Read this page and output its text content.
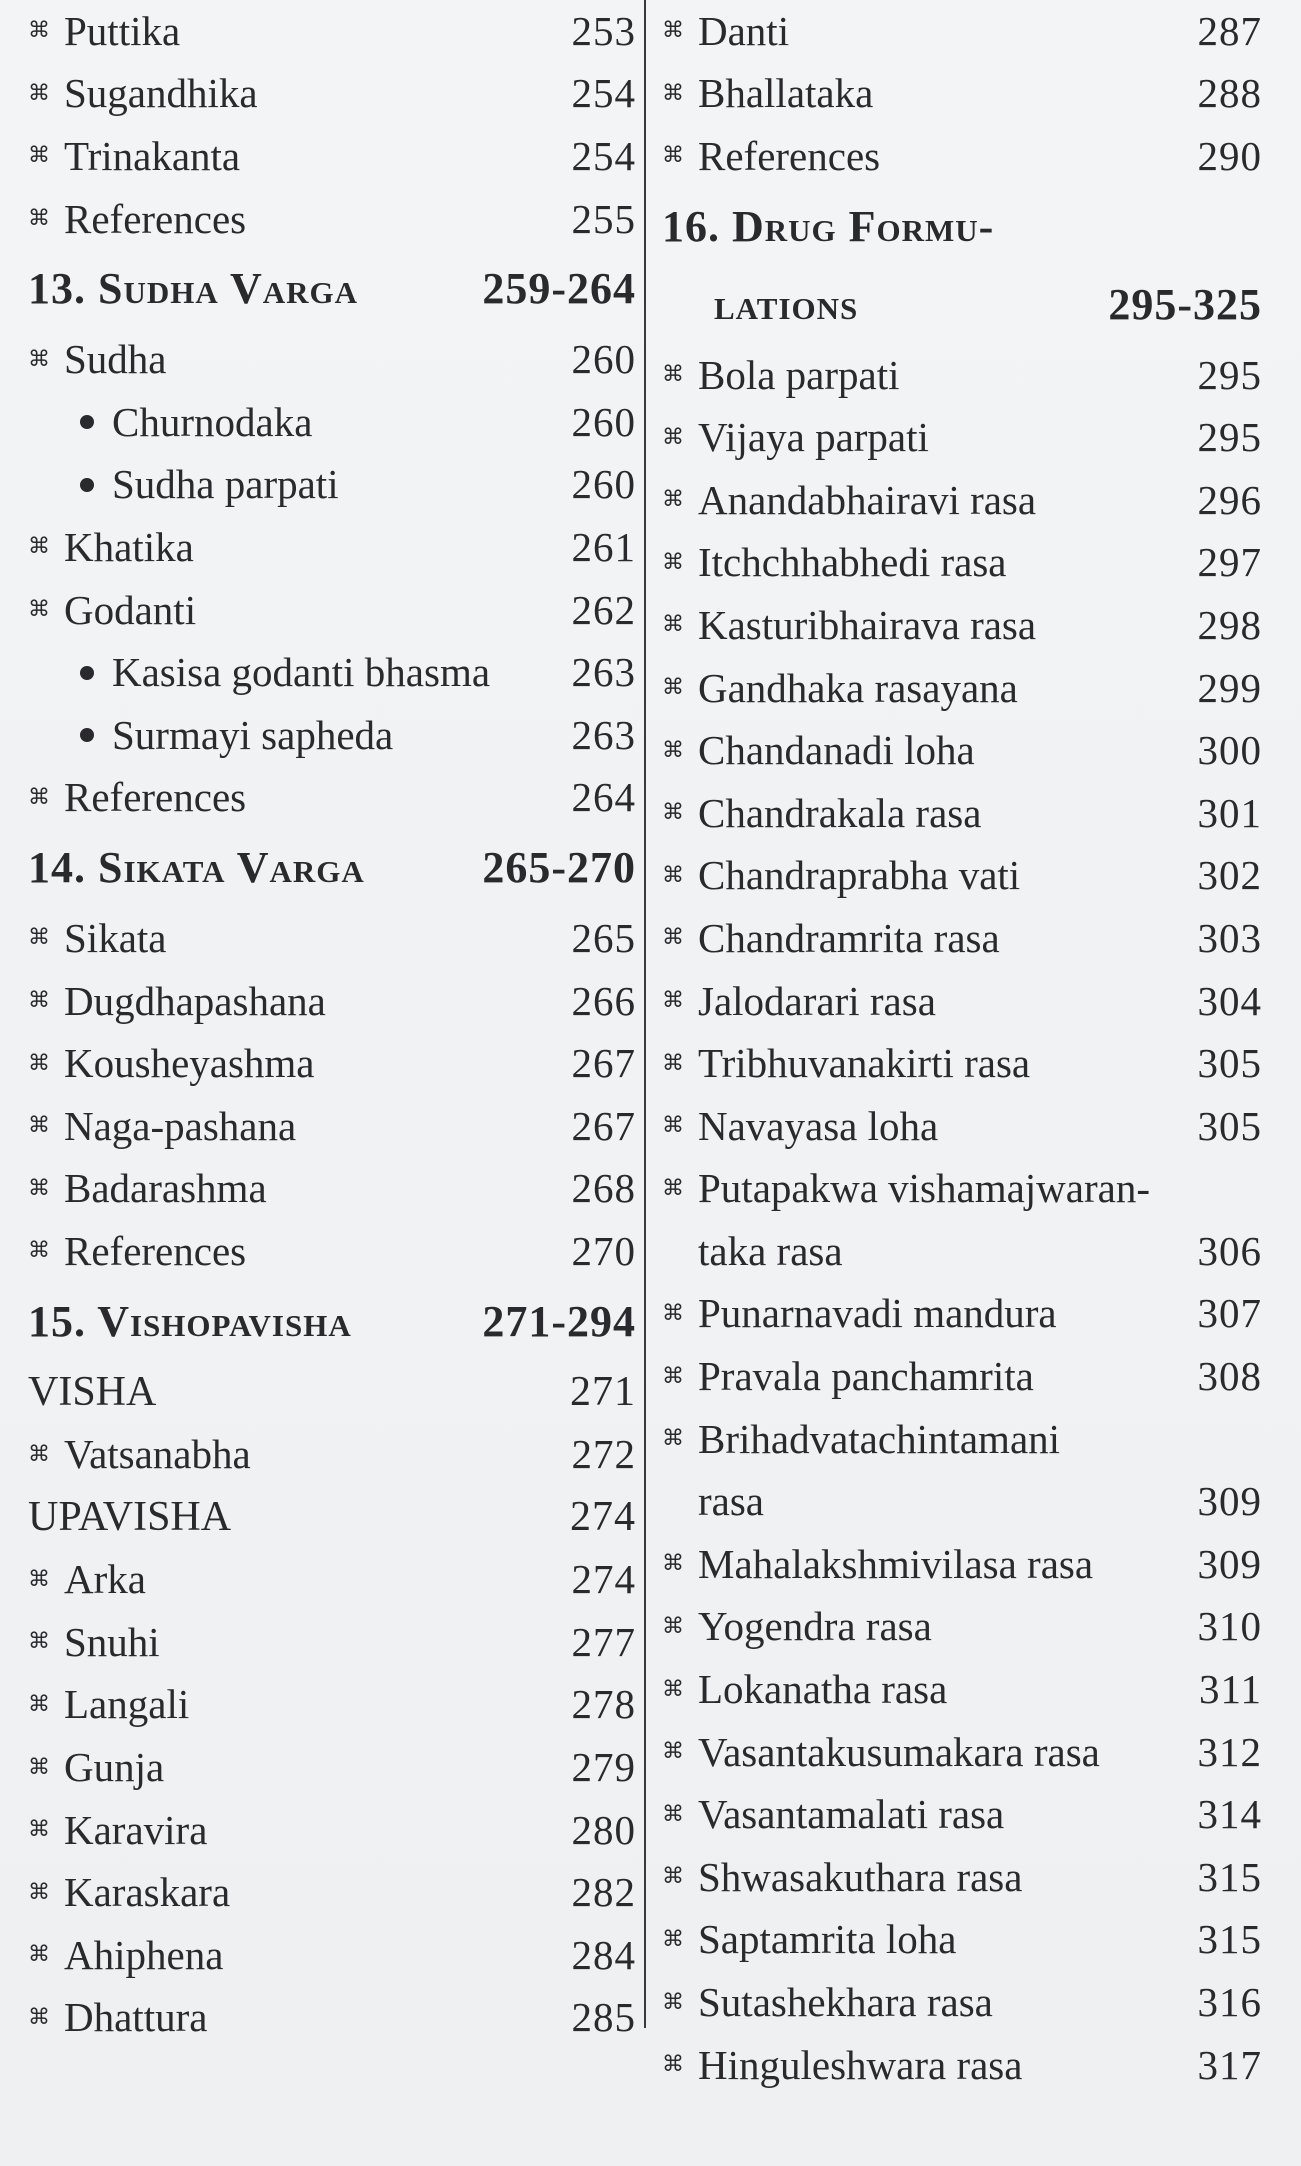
⌘ Puttika	253
⌘ Sugandhika	254
⌘ Trinakanta	254
⌘ References	255
13. Sudha Varga	259-264
⌘ Sudha	260
Churnodaka	260
Sudha parpati	260
⌘ Khatika	261
⌘ Godanti	262
Kasisa godanti bhasma 263
Surmayi sapheda	263
⌘ References	264
14. Sikata Varga	265-270
⌘ Sikata	265
⌘ Dugdhapashana	266
⌘ Kousheyashma	267
⌘ Naga-pashana	267
⌘ Badarashma	268
⌘ References	270
15. Vishopavisha	271-294
VISHA	271
⌘ Vatsanabha	272
UPAVISHA	274
⌘ Arka	274
⌘ Snuhi	277
⌘ Langali	278
⌘ Gunja	279
⌘ Karavira	280
⌘ Karaskara	282
⌘ Ahiphena	284
⌘ Dhattura	285
⌘ Danti	287
⌘ Bhallataka	288
⌘ References	290
16. Drug Formu-
lations	295-325
⌘ Bola parpati	295
⌘ Vijaya parpati	295
⌘ Anandabhairavi rasa	296
⌘ Itchchhabhedi rasa	297
⌘ Kasturibhairava rasa	298
⌘ Gandhaka rasayana	299
⌘ Chandanadi loha	300
⌘ Chandrakala rasa	301
⌘ Chandraprabha vati	302
⌘ Chandramrita rasa	303
⌘ Jalodarari rasa	304
⌘ Tribhuvanakirti rasa	305
⌘ Navayasa loha	305
⌘ Putapakwa vishamajwaran-
taka rasa	306
⌘ Punarnavadi mandura	307
⌘ Pravala panchamrita	308
⌘ Brihadvatachintamani
rasa	309
⌘ Mahalakshmivilasa rasa	309
⌘ Yogendra rasa	310
⌘ Lokanatha rasa	311
⌘ Vasantakusumakara rasa 312
⌘ Vasantamalati rasa	314
⌘ Shwasakuthara rasa	315
⌘ Saptamrita loha	315
⌘ Sutashekhara rasa	316
⌘ Hinguleshwara rasa	317
